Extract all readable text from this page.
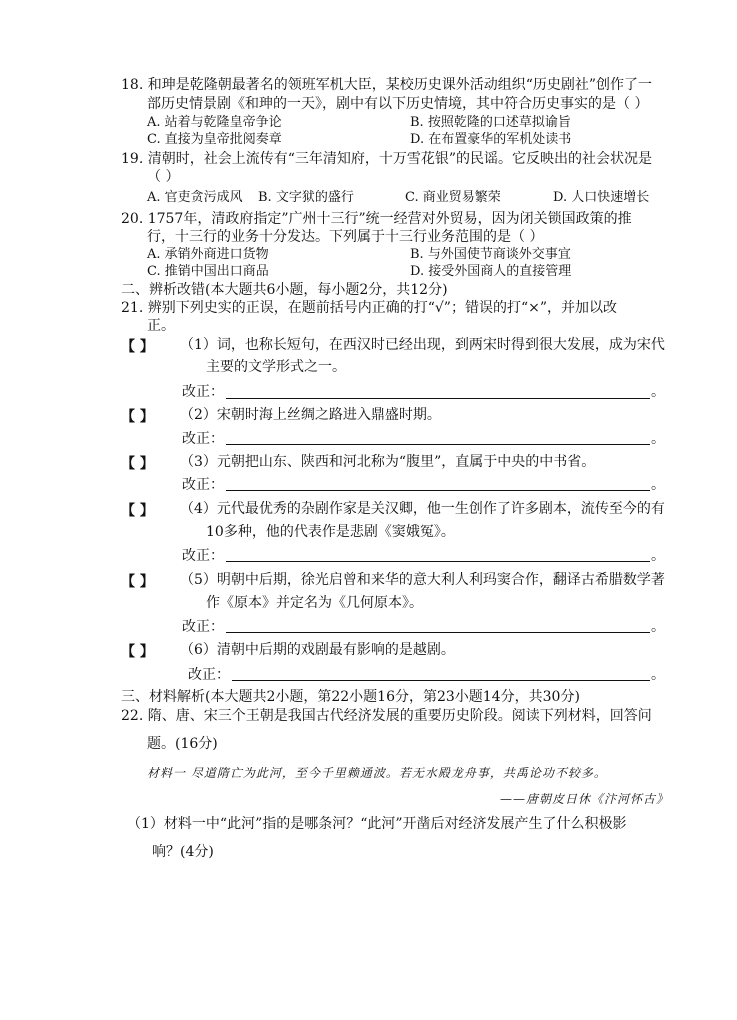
18. 和珅是乾隆朝最著名的领班军机大臣，某校历史课外活动组织“历史剧社”创作了一
部历史情景剧《和珅的一天》，剧中有以下历史情境，其中符合历史事实的是（ ）
A. 站着与乾隆皇帝争论	B. 按照乾隆的口述草拟谕旨
C. 直接为皇帝批阅奏章	D. 在布置豪华的军机处读书
19. 清朝时，社会上流传有“三年清知府，十万雪花银”的民谣。它反映出的社会状况是
（ ）
A. 官吏贪污成风 B. 文字狱的盛行	C. 商业贸易繁荣	D. 人口快速增长
20. 1757年，清政府指定”广州十三行”统一经营对外贸易，因为闭关锁国政策的推
行，十三行的业务十分发达。下列属于十三行业务范围的是（ ）
A. 承销外商进口货物	B. 与外国使节商谈外交事宜
C. 推销中国出口商品	D. 接受外国商人的直接管理
二、辨析改错(本大题共6小题，每小题2分，共12分)
21. 辨别下列史实的正误，在题前括号内正确的打“√”；错误的打“×”，并加以改
正。
【 】 （1）词，也称长短句，在西汉时已经出现，到两宋时得到很大发展，成为宋代
主要的文学形式之一。
改正：	。
【 】 （2）宋朝时海上丝绸之路进入鼎盛时期。
改正：	。
【 】 （3）元朝把山东、陕西和河北称为“腹里”，直属于中央的中书省。
改正：	。
【 】 （4）元代最优秀的杂剧作家是关汉卿，他一生创作了许多剧本，流传至今的有
10多种，他的代表作是悲剧《窦娥冤》。
改正：	。
【 】 （5）明朝中后期，徐光启曾和来华的意大利人利玛窦合作，翻译古希腊数学著
作《原本》并定名为《几何原本》。
改正：	。
【 】 （6）清朝中后期的戏剧最有影响的是越剧。
改正：	。
三、材料解析(本大题共2小题，第22小题16分，第23小题14分，共30分)
22. 隋、唐、宋三个王朝是我国古代经济发展的重要历史阶段。阅读下列材料，回答问
题。(16分)
材料一 尽道隋亡为此河，至今千里赖通波。若无水殿龙舟事，共禹论功不较多。
——唐朝皮日休《汴河怀古》
（1）材料一中“此河”指的是哪条河？“此河”开凿后对经济发展产生了什么积极影
响？(4分)
